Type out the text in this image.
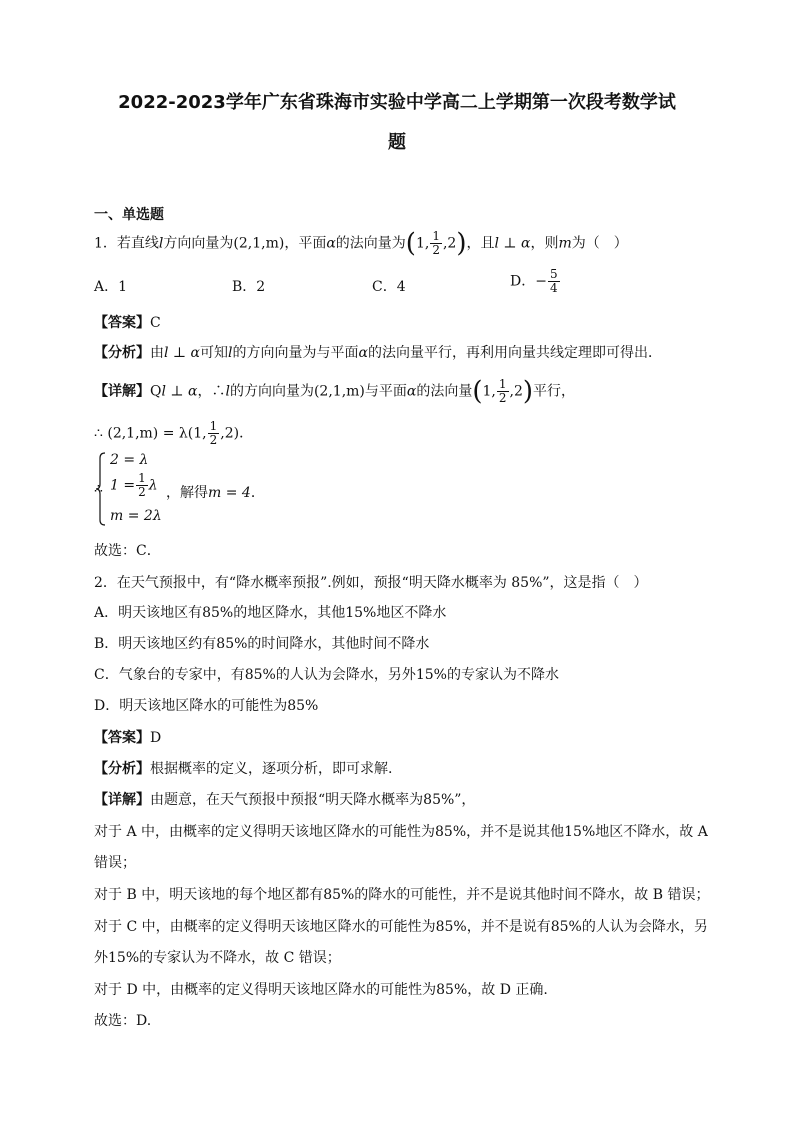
2022-2023学年广东省珠海市实验中学高二上学期第一次段考数学试
题
一、单选题
1．若直线l方向向量为(2,1,m)，平面α的法向量为(1, $\frac{1}{2} ,2$)，且l ⊥ α，则m为（　）
A．1	B．2	C．4	D．− $\frac{5}{4}$
【答案】C
【分析】由l ⊥ α可知l的方向向量为与平面α的法向量平行，再利用向量共线定理即可得出．
【详解】Ql ⊥ α，∴l的方向向量为(2,1,m)与平面α的法向量(1, $\frac{1}{2} ,2$)平行，
∴ (2,1,m) = λ(1, $\frac{1}{2} ,2$)．
∴
2 = λ
$1 = \frac{1}{2}$ λ
m = 2λ
，解得m = 4．
故选：C．
2．在天气预报中，有“降水概率预报”.例如，预报“明天降水概率为 85%”，这是指（　）
A．明天该地区有85%的地区降水，其他15%地区不降水
B．明天该地区约有85%的时间降水，其他时间不降水
C．气象台的专家中，有85%的人认为会降水，另外15%的专家认为不降水
D．明天该地区降水的可能性为85%
【答案】D
【分析】根据概率的定义，逐项分析，即可求解.
【详解】由题意，在天气预报中预报“明天降水概率为85%”，
对于 A 中，由概率的定义得明天该地区降水的可能性为85%，并不是说其他15%地区不降水，故 A
错误；
对于 B 中，明天该地的每个地区都有85%的降水的可能性，并不是说其他时间不降水，故 B 错误；
对于 C 中，由概率的定义得明天该地区降水的可能性为85%，并不是说有85%的人认为会降水，另
外15%的专家认为不降水，故 C 错误；
对于 D 中，由概率的定义得明天该地区降水的可能性为85%，故 D 正确.
故选：D.
